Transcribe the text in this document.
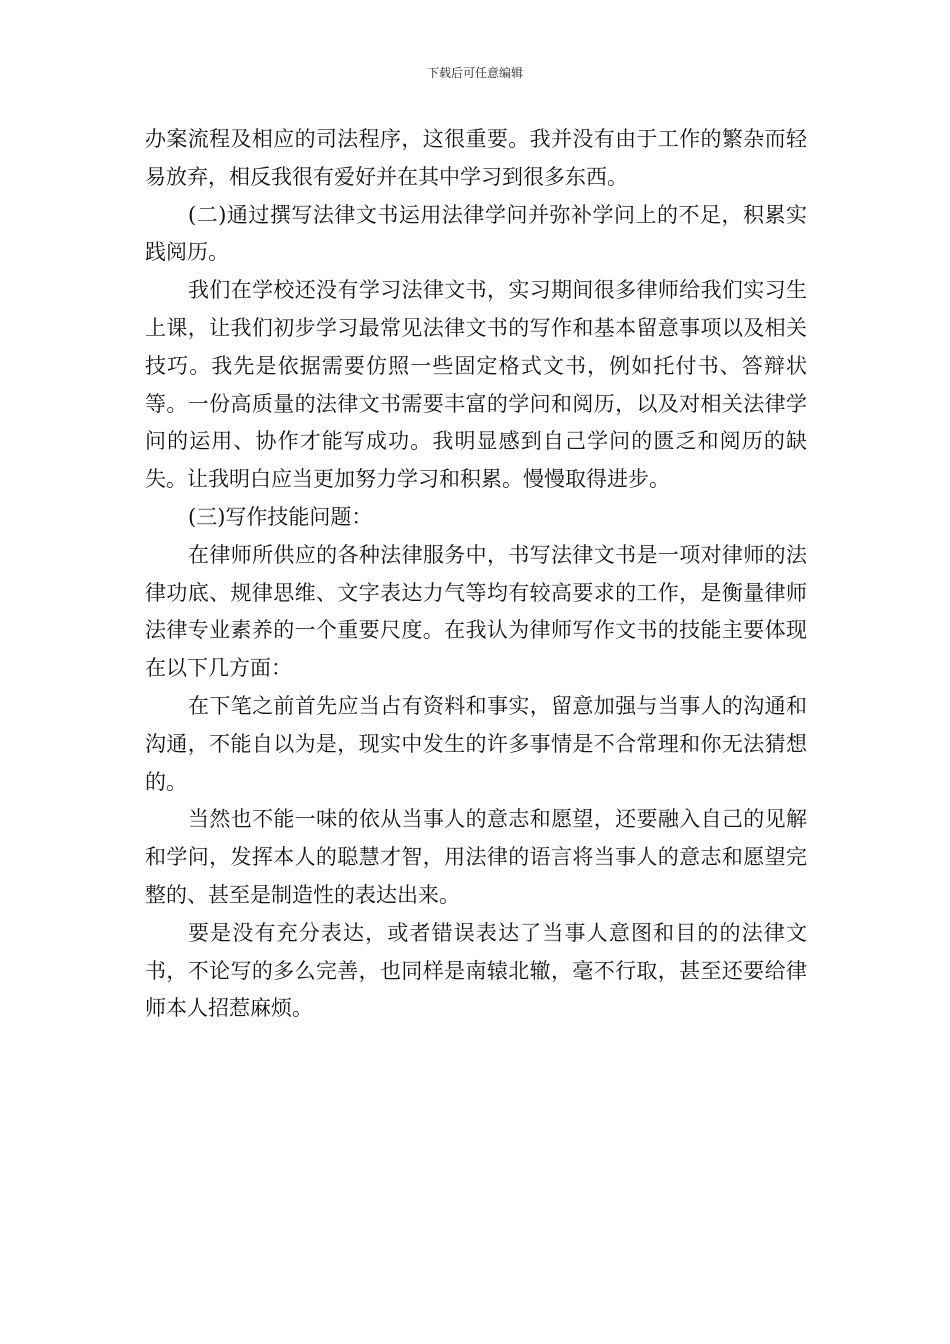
下载后可任意编辑

办案流程及相应的司法程序，这很重要。我并没有由于工作的繁杂而轻易放弃，相反我很有爱好并在其中学习到很多东西。

(二)通过撰写法律文书运用法律学问并弥补学问上的不足，积累实践阅历。

我们在学校还没有学习法律文书，实习期间很多律师给我们实习生上课，让我们初步学习最常见法律文书的写作和基本留意事项以及相关技巧。我先是依据需要仿照一些固定格式文书，例如托付书、答辩状等。一份高质量的法律文书需要丰富的学问和阅历，以及对相关法律学问的运用、协作才能写成功。我明显感到自己学问的匮乏和阅历的缺失。让我明白应当更加努力学习和积累。慢慢取得进步。

(三)写作技能问题：

在律师所供应的各种法律服务中，书写法律文书是一项对律师的法律功底、规律思维、文字表达力气等均有较高要求的工作，是衡量律师法律专业素养的一个重要尺度。在我认为律师写作文书的技能主要体现在以下几方面：

在下笔之前首先应当占有资料和事实，留意加强与当事人的沟通和沟通，不能自以为是，现实中发生的许多事情是不合常理和你无法猜想的。

当然也不能一味的依从当事人的意志和愿望，还要融入自己的见解和学问，发挥本人的聪慧才智，用法律的语言将当事人的意志和愿望完整的、甚至是制造性的表达出来。

要是没有充分表达，或者错误表达了当事人意图和目的的法律文书，不论写的多么完善，也同样是南辕北辙，毫不行取，甚至还要给律师本人招惹麻烦。
